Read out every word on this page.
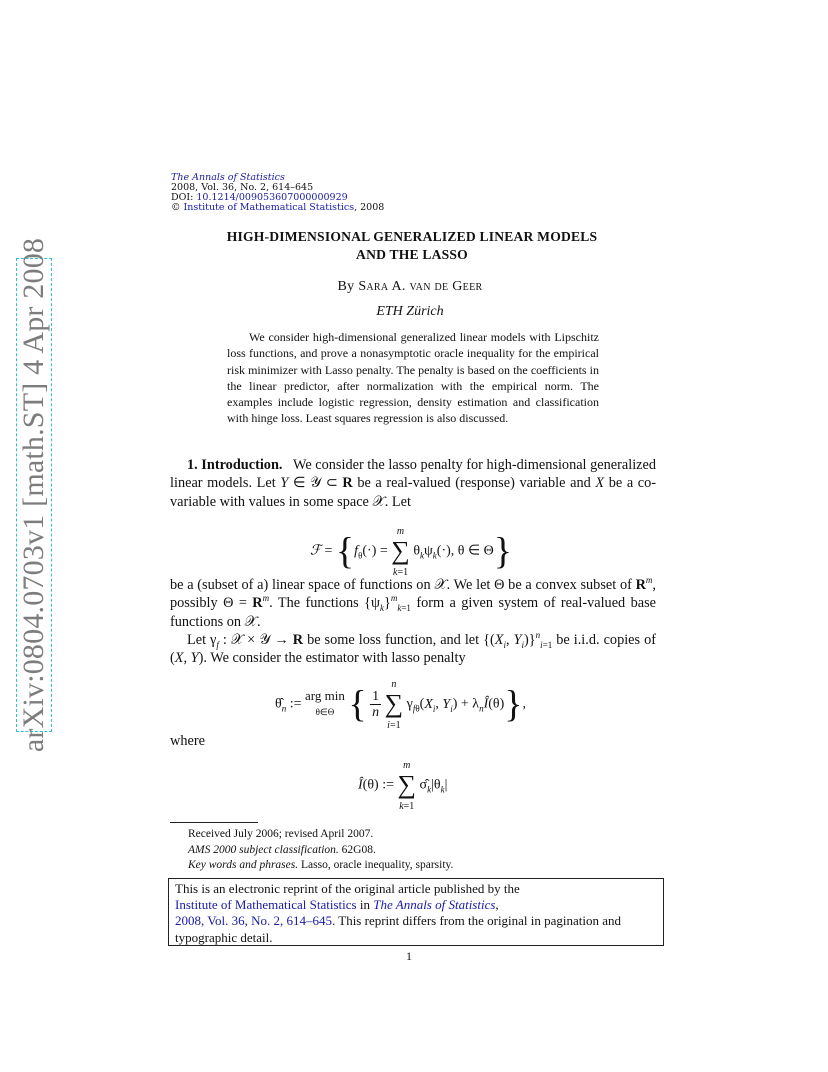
arXiv:0804.0703v1 [math.ST] 4 Apr 2008
The Annals of Statistics
2008, Vol. 36, No. 2, 614–645
DOI: 10.1214/009053607000000929
© Institute of Mathematical Statistics, 2008
HIGH-DIMENSIONAL GENERALIZED LINEAR MODELS
AND THE LASSO
By Sara A. van de Geer
ETH Zürich
We consider high-dimensional generalized linear models with Lipschitz loss functions, and prove a nonasymptotic oracle inequality for the empirical risk minimizer with Lasso penalty. The penalty is based on the coefficients in the linear predictor, after normalization with the empirical norm. The examples include logistic regression, density estimation and classification with hinge loss. Least squares regression is also discussed.
1. Introduction. We consider the lasso penalty for high-dimensional generalized linear models. Let Y ∈ 𝒴 ⊂ R be a real-valued (response) variable and X be a co-variable with values in some space 𝒳. Let
ℱ = {$f_\theta(\cdot) = m$
∑
k=1 $\theta_k\psi_k(\cdot)$, θ ∈ Θ}
be a (subset of a) linear space of functions on 𝒳. We let Θ be a convex subset of $R^m$, possibly $\Theta = R^m$. The functions $\{\psi_k\}^m_{k=1}$ form a given system of real-valued base functions on 𝒳.
Let $\gamma_f$ : 𝒳 × 𝒴 → R be some loss function, and let {($X_i$, $Y_i)\}^n_{i=1}$ be i.i.d. copies of (X, Y). We consider the estimator with lasso penalty
$\thetâ_n$ := arg min
θ∈Θ { $\frac{1}{n}$ n
∑
i=1 $\gamma_{f\theta}(X_i$, $Y_i$) + $\lambda_nÎ(\theta)$},
where
Î(θ) := m
∑
k=1 $\sigmâ_k|\theta_k|$
Received July 2006; revised April 2007.
AMS 2000 subject classification. 62G08.
Key words and phrases. Lasso, oracle inequality, sparsity.
This is an electronic reprint of the original article published by the
Institute of Mathematical Statistics in The Annals of Statistics,
2008, Vol. 36, No. 2, 614–645. This reprint differs from the original in pagination and typographic detail.
1
